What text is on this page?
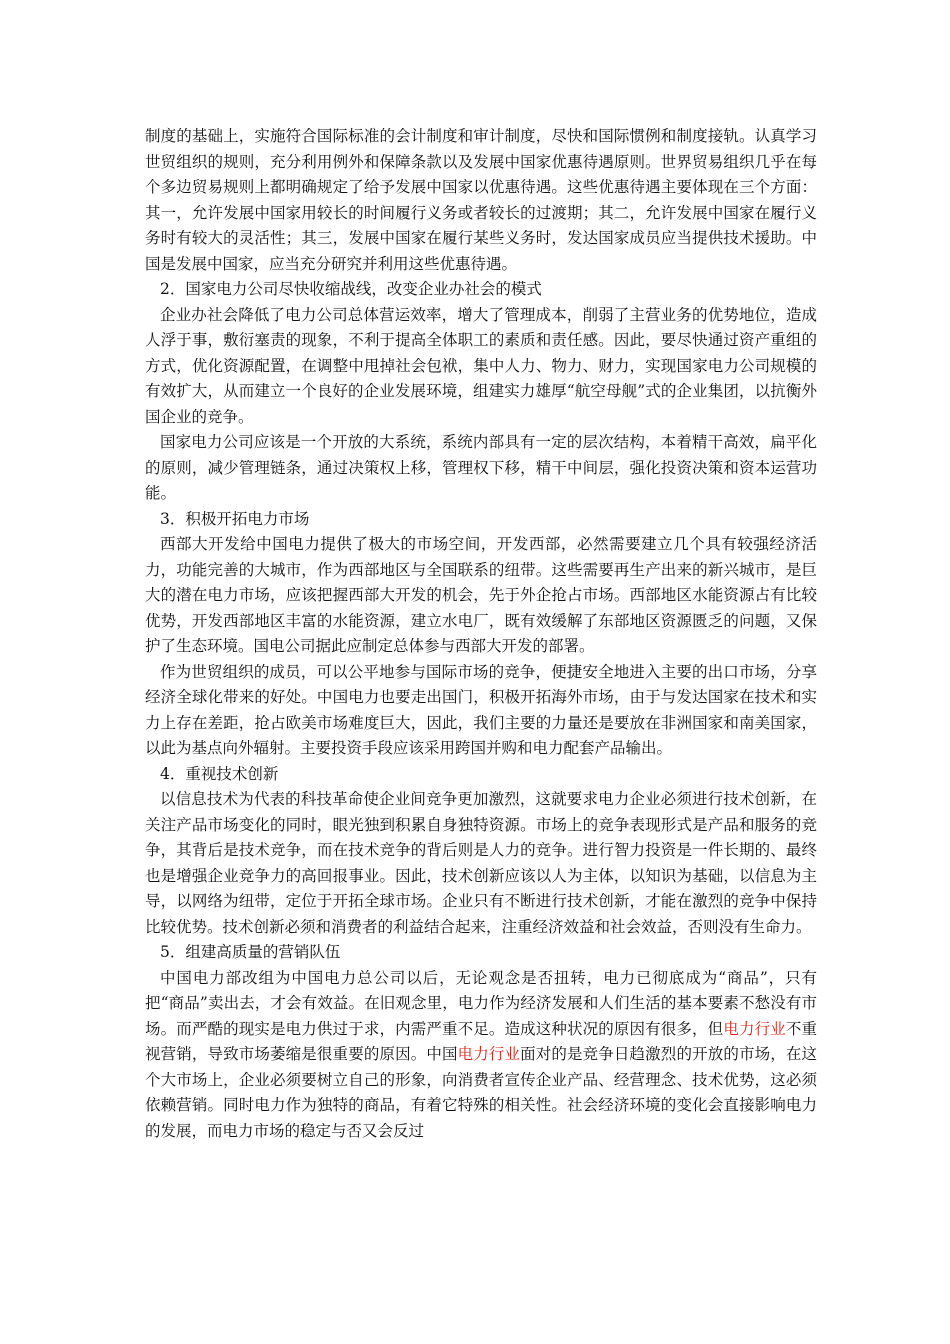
制度的基础上，实施符合国际标准的会计制度和审计制度，尽快和国际惯例和制度接轨。认真学习世贸组织的规则，充分利用例外和保障条款以及发展中国家优惠待遇原则。世界贸易组织几乎在每个多边贸易规则上都明确规定了给予发展中国家以优惠待遇。这些优惠待遇主要体现在三个方面：其一，允许发展中国家用较长的时间履行义务或者较长的过渡期；其二，允许发展中国家在履行义务时有较大的灵活性；其三，发展中国家在履行某些义务时，发达国家成员应当提供技术援助。中国是发展中国家，应当充分研究并利用这些优惠待遇。

2．国家电力公司尽快收缩战线，改变企业办社会的模式

企业办社会降低了电力公司总体营运效率，增大了管理成本，削弱了主营业务的优势地位，造成人浮于事，敷衍塞责的现象，不利于提高全体职工的素质和责任感。因此，要尽快通过资产重组的方式，优化资源配置，在调整中甩掉社会包袱，集中人力、物力、财力，实现国家电力公司规模的有效扩大，从而建立一个良好的企业发展环境，组建实力雄厚“航空母舰”式的企业集团，以抗衡外国企业的竞争。

国家电力公司应该是一个开放的大系统，系统内部具有一定的层次结构，本着精干高效，扁平化的原则，减少管理链条，通过决策权上移，管理权下移，精干中间层，强化投资决策和资本运营功能。

3．积极开拓电力市场

西部大开发给中国电力提供了极大的市场空间，开发西部，必然需要建立几个具有较强经济活力，功能完善的大城市，作为西部地区与全国联系的纽带。这些需要再生产出来的新兴城市，是巨大的潜在电力市场，应该把握西部大开发的机会，先于外企抢占市场。西部地区水能资源占有比较优势，开发西部地区丰富的水能资源，建立水电厂，既有效缓解了东部地区资源匮乏的问题，又保护了生态环境。国电公司据此应制定总体参与西部大开发的部署。

作为世贸组织的成员，可以公平地参与国际市场的竞争，便捷安全地进入主要的出口市场，分享经济全球化带来的好处。中国电力也要走出国门，积极开拓海外市场，由于与发达国家在技术和实力上存在差距，抢占欧美市场难度巨大，因此，我们主要的力量还是要放在非洲国家和南美国家，以此为基点向外辐射。主要投资手段应该采用跨国并购和电力配套产品输出。

4．重视技术创新

以信息技术为代表的科技革命使企业间竞争更加激烈，这就要求电力企业必须进行技术创新，在关注产品市场变化的同时，眼光独到积累自身独特资源。市场上的竞争表现形式是产品和服务的竞争，其背后是技术竞争，而在技术竞争的背后则是人力的竞争。进行智力投资是一件长期的、最终也是增强企业竞争力的高回报事业。因此，技术创新应该以人为主体，以知识为基础，以信息为主导，以网络为纽带，定位于开拓全球市场。企业只有不断进行技术创新，才能在激烈的竞争中保持比较优势。技术创新必须和消费者的利益结合起来，注重经济效益和社会效益，否则没有生命力。

5．组建高质量的营销队伍

中国电力部改组为中国电力总公司以后，无论观念是否扭转，电力已彻底成为“商品”，只有把“商品”卖出去，才会有效益。在旧观念里，电力作为经济发展和人们生活的基本要素不愁没有市场。而严酷的现实是电力供过于求，内需严重不足。造成这种状况的原因有很多，但电力行业不重视营销，导致市场萎缩是很重要的原因。中国电力行业面对的是竞争日趋激烈的开放的市场，在这个大市场上，企业必须要树立自己的形象，向消费者宣传企业产品、经营理念、技术优势，这必须依赖营销。同时电力作为独特的商品，有着它特殊的相关性。社会经济环境的变化会直接影响电力的发展，而电力市场的稳定与否又会反过
